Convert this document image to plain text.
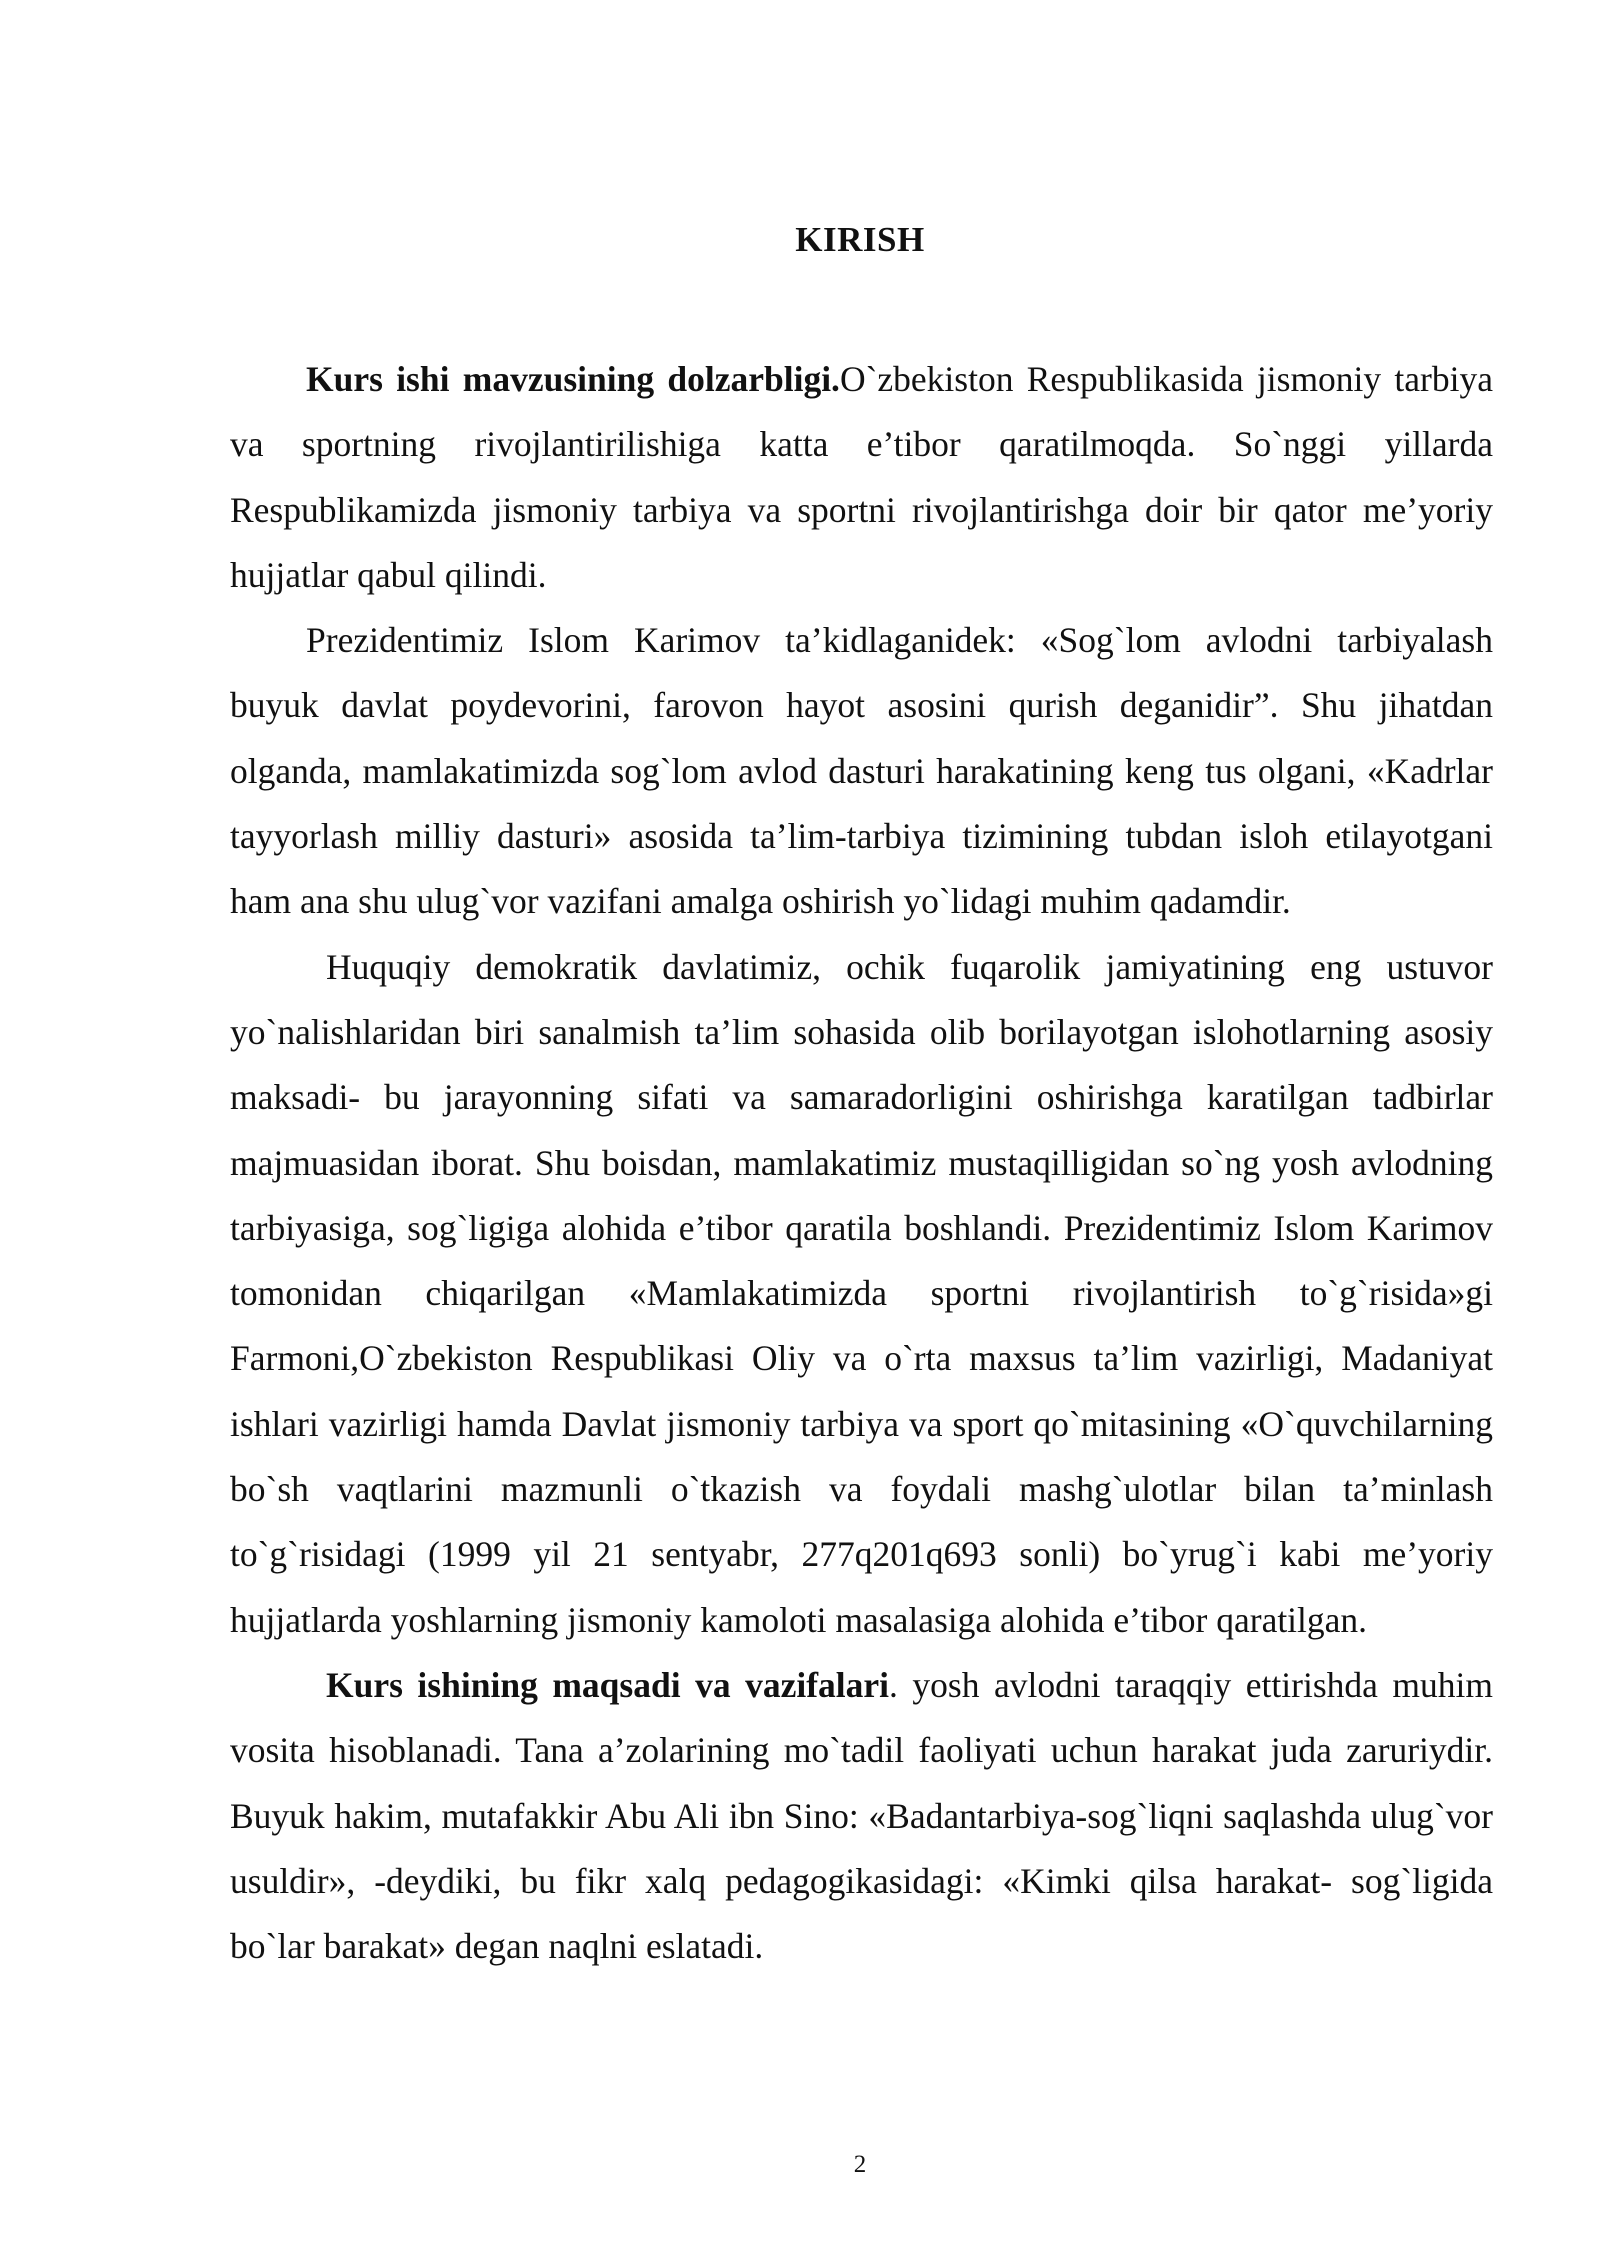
KIRISH

Kurs ishi mavzusining dolzarbligi.O`zbekiston Respublikasida jismoniy tarbiya va sportning rivojlantirilishiga katta e’tibor qaratilmoqda. So`nggi yillarda Respublikamizda jismoniy tarbiya va sportni rivojlantirishga doir bir qator me’yoriy hujjatlar qabul qilindi.

Prezidentimiz Islom Karimov ta’kidlaganidek: «Sog`lom avlodni tarbiyalash buyuk davlat poydevorini, farovon hayot asosini qurish deganidir”. Shu jihatdan olganda, mamlakatimizda sog`lom avlod dasturi harakatining keng tus olgani, «Kadrlar tayyorlash milliy dasturi» asosida ta’lim-tarbiya tizimining tubdan isloh etilayotgani ham ana shu ulug`vor vazifani amalga oshirish yo`lidagi muhim qadamdir.

Huquqiy demokratik davlatimiz, ochik fuqarolik jamiyatining eng ustuvor yo`nalishlaridan biri sanalmish ta’lim sohasida olib borilayotgan islohotlarning asosiy maksadi- bu jarayonning sifati va samaradorligini oshirishga karatilgan tadbirlar majmuasidan iborat. Shu boisdan, mamlakatimiz mustaqilligidan so`ng yosh avlodning tarbiyasiga, sog`ligiga alohida e’tibor qaratila boshlandi. Prezidentimiz Islom Karimov tomonidan chiqarilgan «Mamlakatimizda sportni rivojlantirish to`g`risida»gi Farmoni,O`zbekiston Respublikasi Oliy va o`rta maxsus ta’lim vazirligi, Madaniyat ishlari vazirligi hamda Davlat jismoniy tarbiya va sport qo`mitasining «O`quvchilarning bo`sh vaqtlarini mazmunli o`tkazish va foydali mashg`ulotlar bilan ta’minlash to`g`risidagi (1999 yil 21 sentyabr, 277q201q693 sonli) bo`yrug`i kabi me’yoriy hujjatlarda yoshlarning jismoniy kamoloti masalasiga alohida e’tibor qaratilgan.

Kurs ishining maqsadi va vazifalari. yosh avlodni taraqqiy ettirishda muhim vosita hisoblanadi. Tana a’zolarining mo`tadil faoliyati uchun harakat juda zaruriydir. Buyuk hakim, mutafakkir Abu Ali ibn Sino: «Badantarbiya-sog`liqni saqlashda ulug`vor usuldir», -deydiki, bu fikr xalq pedagogikasidagi: «Kimki qilsa harakat- sog`ligida bo`lar barakat» degan naqlni eslatadi.

2
